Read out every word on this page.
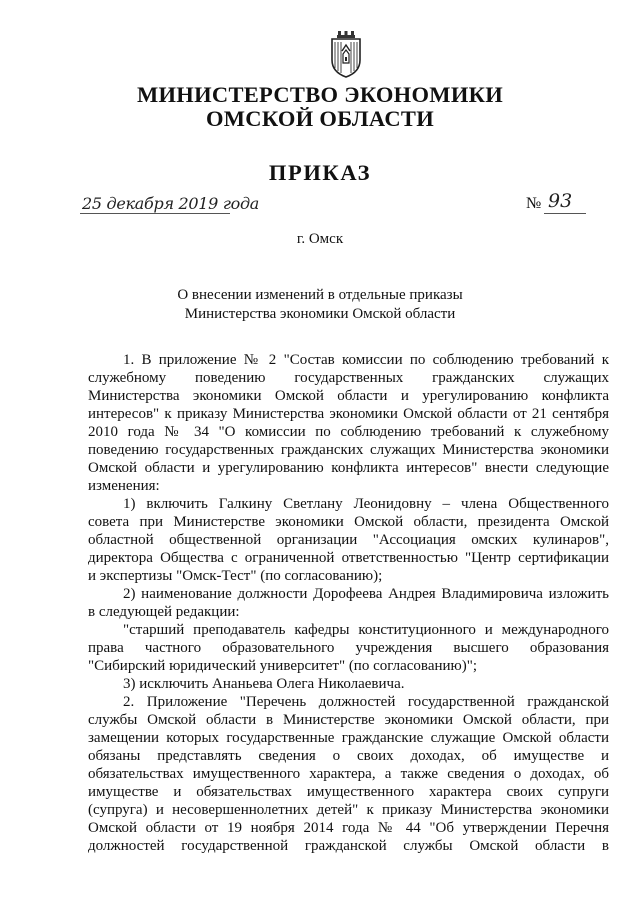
МИНИСТЕРСТВО ЭКОНОМИКИ
ОМСКОЙ ОБЛАСТИ
ПРИКАЗ
25 декабря 2019 года	№ 93
г. Омск
О внесении изменений в отдельные приказы
Министерства экономики Омской области
1. В приложение № 2 "Состав комиссии по соблюдению требований к
служебному поведению государственных гражданских служащих
Министерства экономики Омской области и урегулированию конфликта
интересов" к приказу Министерства экономики Омской области от 21 сентября
2010 года № 34 "О комиссии по соблюдению требований к служебному
поведению государственных гражданских служащих Министерства экономики
Омской области и урегулированию конфликта интересов" внести следующие
изменения:
1) включить Галкину Светлану Леонидовну – члена Общественного
совета при Министерстве экономики Омской области, президента Омской
областной общественной организации "Ассоциация омских кулинаров",
директора Общества с ограниченной ответственностью "Центр сертификации
и экспертизы "Омск-Тест" (по согласованию);
2) наименование должности Дорофеева Андрея Владимировича изложить
в следующей редакции:
"старший преподаватель кафедры конституционного и международного
права частного образовательного учреждения высшего образования
"Сибирский юридический университет" (по согласованию)";
3) исключить Ананьева Олега Николаевича.
2. Приложение "Перечень должностей государственной гражданской
службы Омской области в Министерстве экономики Омской области, при
замещении которых государственные гражданские служащие Омской области
обязаны представлять сведения о своих доходах, об имуществе и
обязательствах имущественного характера, а также сведения о доходах, об
имуществе и обязательствах имущественного характера своих супруги
(супруга) и несовершеннолетних детей" к приказу Министерства экономики
Омской области от 19 ноября 2014 года № 44 "Об утверждении Перечня
должностей государственной гражданской службы Омской области в
